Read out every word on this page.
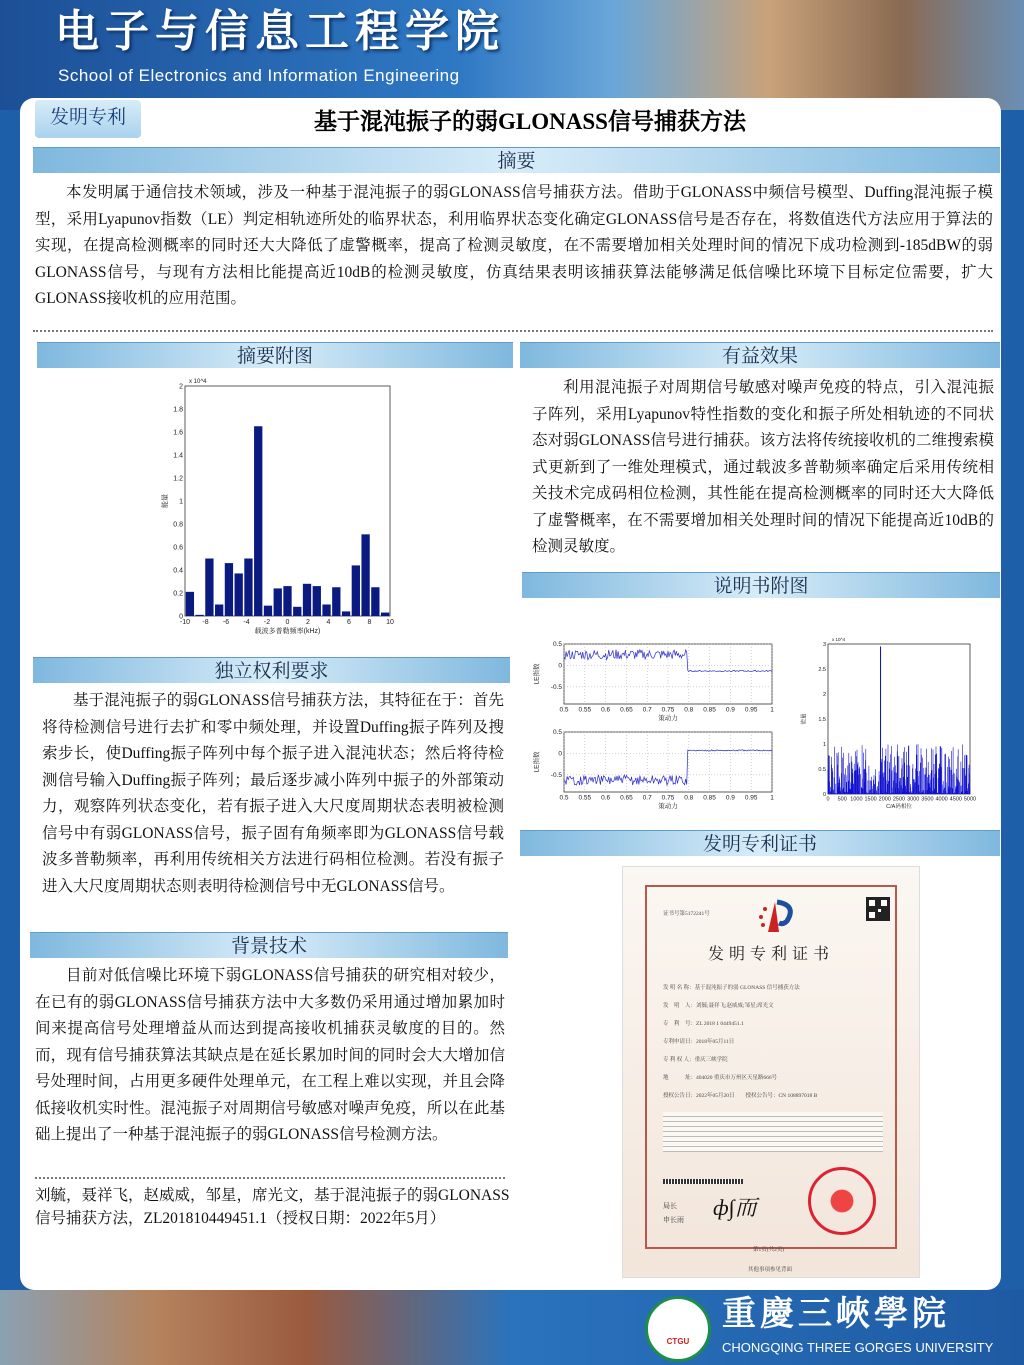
电子与信息工程学院
School of Electronics and Information Engineering
发明专利	基于混沌振子的弱GLONASS信号捕获方法
摘要
本发明属于通信技术领域，涉及一种基于混沌振子的弱GLONASS信号捕获方法。借助于GLONASS中频信号模型、Duffing混沌振子模型，采用Lyapunov指数（LE）判定相轨迹所处的临界状态，利用临界状态变化确定GLONASS信号是否存在，将数值迭代方法应用于算法的实现，在提高检测概率的同时还大大降低了虚警概率，提高了检测灵敏度，在不需要增加相关处理时间的情况下成功检测到-185dBW的弱GLONASS信号，与现有方法相比能提高近10dB的检测灵敏度，仿真结果表明该捕获算法能够满足低信噪比环境下目标定位需要，扩大GLONASS接收机的应用范围。
摘要附图
-10 -8 -6 -4 -2 0 2 4 6 8 10
0
0.2
0.4
0.6
0.8
1
1.2
1.4
1.6
1.8
2
载波多普勒频率(kHz)
能量
x 10^4
有益效果
利用混沌振子对周期信号敏感对噪声免疫的特点，引入混沌振子阵列，采用Lyapunov特性指数的变化和振子所处相轨迹的不同状态对弱GLONASS信号进行捕获。该方法将传统接收机的二维搜索模式更新到了一维处理模式，通过载波多普勒频率确定后采用传统相关技术完成码相位检测，其性能在提高检测概率的同时还大大降低了虚警概率，在不需要增加相关处理时间的情况下能提高近10dB的检测灵敏度。
说明书附图
0.5 0.55 0.6 0.65 0.7 0.75 0.8 0.85 0.9 0.95 1
0.5
0
-0.5
策动力
LE指数
0.5 0.55 0.6 0.65 0.7 0.75 0.8 0.85 0.9 0.95 1
0.5
0
-0.5
策动力
LE指数
0 500 1000 1500 2000 2500 3000 3500 4000 4500 5000
0
0.5
1
1.5
2
2.5
3
C/A码相位
能量
x 10^4
独立权利要求
基于混沌振子的弱GLONASS信号捕获方法，其特征在于：首先将待检测信号进行去扩和零中频处理，并设置Duffing振子阵列及搜索步长，使Duffing振子阵列中每个振子进入混沌状态；然后将待检测信号输入Duffing振子阵列；最后逐步减小阵列中振子的外部策动力，观察阵列状态变化，若有振子进入大尺度周期状态表明被检测信号中有弱GLONASS信号，振子固有角频率即为GLONASS信号载波多普勒频率，再利用传统相关方法进行码相位检测。若没有振子进入大尺度周期状态则表明待检测信号中无GLONASS信号。
发明专利证书
证书号第5172241号
发明专利证书
发 明 名 称：基于混沌振子的弱 GLONASS 信号捕获方法
发　明　人：刘毓;聂祥飞;赵威威;邹星;席光文
专　利　号：ZL 2018 1 0449451.1
专利申请日：2018年05月11日
专 利 权 人：重庆三峡学院
地　　　址：404020 重庆市万州区天星路666号
授权公告日：2022年05月20日　　授权公告号：CN 108897018 B
局长
申长雨 ф∫而
第1页(共2页)
其他事项参见背面
背景技术
目前对低信噪比环境下弱GLONASS信号捕获的研究相对较少，在已有的弱GLONASS信号捕获方法中大多数仍采用通过增加累加时间来提高信号处理增益从而达到提高接收机捕获灵敏度的目的。然而，现有信号捕获算法其缺点是在延长累加时间的同时会大大增加信号处理时间，占用更多硬件处理单元，在工程上难以实现，并且会降低接收机实时性。混沌振子对周期信号敏感对噪声免疫，所以在此基础上提出了一种基于混沌振子的弱GLONASS信号检测方法。
刘毓，聂祥飞，赵威威，邹星，席光文，基于混沌振子的弱GLONASS信号捕获方法，ZL201810449451.1（授权日期：2022年5月）
重慶三峽學院
CHONGQING THREE GORGES UNIVERSITY
CTGU
